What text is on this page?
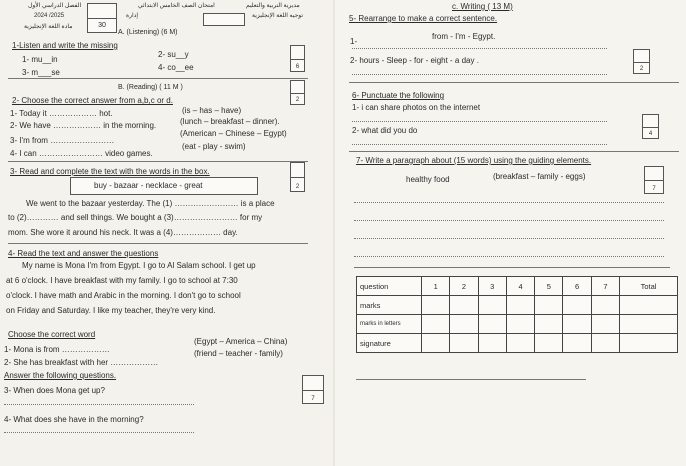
الفصل الدراسي الأول
2024 /2025
مادة اللغة الإنجليزية	30
امتحان الصف الخامس الابتدائي
إدارة
مديرية التربية والتعليم
توجيه اللغة الإنجليزية
A. (Listening) (6 M)
1-Listen and write the missing
1- mu__in
2- su__y
3- m___se
4- co__ee	6
B. (Reading) ( 11 M )
2- Choose the correct answer from a,b,c or d.	2
1- Today it ……………… hot.	(is – has – have)
2- We have ……………… in the morning.	(lunch – breakfast – dinner).
3- I'm from ……………………
(American – Chinese – Egypt)
4- I can …………………… video games.
(eat - play - swim)
3- Read and complete the text with the words in the box.
buy - bazaar - necklace - great	2
We went to the bazaar yesterday. The (1) …………………… is a place
to (2)………… and sell things. We bought a (3)…………………… for my
mom. She wore it around his neck. It was a (4)……………… day.
4- Read the text and answer the questions
My name is Mona I'm from Egypt. I go to Al Salam school. I get up
at 6 o'clock. I have breakfast with my family. I go to school at 7:30
o'clock. I have math and Arabic in the morning. I don't go to school
on Friday and Saturday. I like my teacher, they're very kind.
Choose the correct word
1- Mona is from ………………
(Egypt – America – China)
2- She has breakfast with her ………………
(friend – teacher - family)
Answer the following questions.
3- When does Mona get up?
4- What does she have in the morning?
7
c. Writing ( 13 M)
5- Rearrange to make a correct sentence.
1-
from - I'm - Egypt.
2- hours - Sleep - for - eight - a day .
2
6- Punctuate the following
1- i can share photos on the internet
2- what did you do	4
7- Write a paragraph about (15 words) using the guiding elements.
healthy food	(breakfast – family - eggs)
7
question	1	2	3	4	5	6	7	Total
marks								
marks in letters								
signature								
